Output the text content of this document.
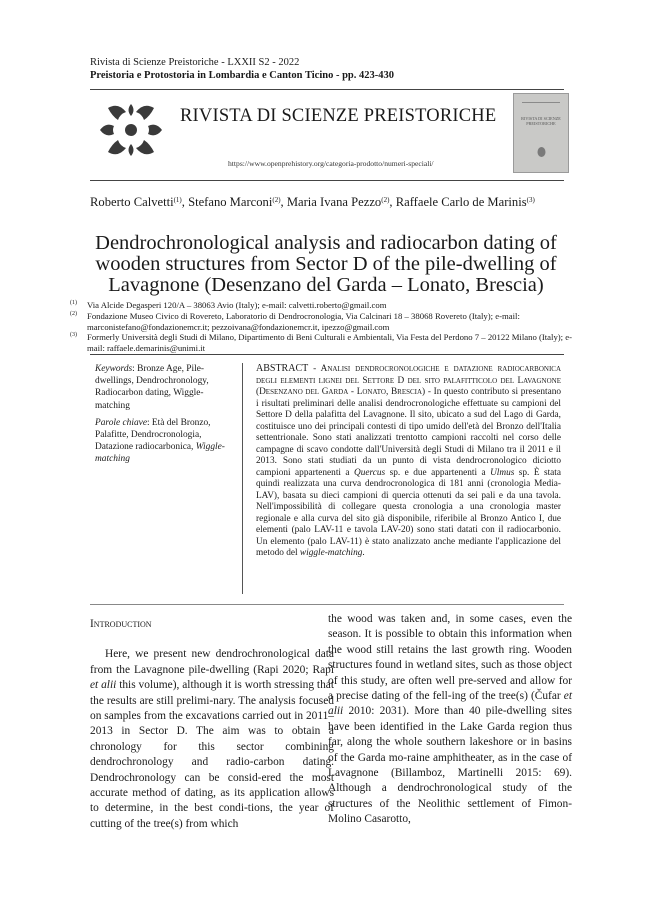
Rivista di Scienze Preistoriche - LXXII S2 - 2022
Preistoria e Protostoria in Lombardia e Canton Ticino - pp. 423-430
RIVISTA DI SCIENZE PREISTORICHE
https://www.openprehistory.org/categoria-prodotto/numeri-speciali/
RIVISTA DI SCIENZE PREISTORICHE
Roberto Calvetti$^{(1)}$, Stefano Marconi$^{(2)}$, Maria Ivana Pezzo$^{(2)}$, Raffaele Carlo de Marinis$^{(3)}$
Dendrochronological analysis and radiocarbon dating of wooden structures from Sector D of the pile-dwelling of Lavagnone (Desenzano del Garda – Lonato, Brescia)
(1) Via Alcide Degasperi 120/A – 38063 Avio (Italy); e-mail: calvetti.roberto@gmail.com
(2) Fondazione Museo Civico di Rovereto, Laboratorio di Dendrocronologia, Via Calcinari 18 – 38068 Rovereto (Italy); e-mail: marconistefano@fondazionemcr.it; pezzoivana@fondazionemcr.it, ipezzo@gmail.com
(3) Formerly Università degli Studi di Milano, Dipartimento di Beni Culturali e Ambientali, Via Festa del Perdono 7 – 20122 Milano (Italy); e-mail: raffaele.demarinis@unimi.it

Keywords: Bronze Age, Pile-dwellings, Dendrochronology, Radiocarbon dating, Wiggle-matching

Parole chiave: Età del Bronzo, Palafitte, Dendrocronologia, Datazione radiocarbonica, Wiggle-matching

ABSTRACT - Analisi dendrocronologiche e datazione radiocarbonica degli elementi lignei del Settore D del sito palafitticolo del Lavagnone (Desenzano del Garda - Lonato, Brescia) - In questo contributo si presentano i risultati preliminari delle analisi dendrocronologiche effettuate su campioni del Settore D della palafitta del Lavagnone. Il sito, ubicato a sud del Lago di Garda, costituisce uno dei principali contesti di tipo umido dell'età del Bronzo dell'Italia settentrionale. Sono stati analizzati trentotto campioni raccolti nel corso delle campagne di scavo condotte dall'Università degli Studi di Milano tra il 2011 e il 2013. Sono stati studiati da un punto di vista dendrocronologico diciotto campioni appartenenti a Quercus sp. e due appartenenti a Ulmus sp. È stata quindi realizzata una curva dendrocronologica di 181 anni (cronologia Media-LAV), basata su dieci campioni di quercia ottenuti da sei pali e da una tavola. Nell'impossibilità di collegare questa cronologia a una cronologia master regionale e alla curva del sito già disponibile, riferibile al Bronzo Antico I, due elementi (palo LAV-11 e tavola LAV-20) sono stati datati con il radiocarbonio. Un elemento (palo LAV-11) è stato analizzato anche mediante l'applicazione del metodo del wiggle-matching.

Introduction

Here, we present new dendrochronological data from the Lavagnone pile-dwelling (Rapi 2020; Rapi et alii this volume), although it is worth stressing that the results are still prelimi-nary. The analysis focused on samples from the excavations carried out in 2011–2013 in Sector D. The aim was to obtain a chronology for this sector combining dendrochronology and radio-carbon dating. Dendrochronology can be consid-ered the most accurate method of dating, as its application allows to determine, in the best condi-tions, the year of cutting of the tree(s) from which

the wood was taken and, in some cases, even the season. It is possible to obtain this information when the wood still retains the last growth ring. Wooden structures found in wetland sites, such as those object of this study, are often well pre-served and allow for a precise dating of the fell-ing of the tree(s) (Čufar et alii 2010: 2031). More than 40 pile-dwelling sites have been identified in the Lake Garda region thus far, along the whole southern lakeshore or in basins of the Garda mo-raine amphitheater, as in the case of Lavagnone (Billamboz, Martinelli 2015: 69). Although a dendrochronological study of the structures of the Neolithic settlement of Fimon-Molino Casarotto,
